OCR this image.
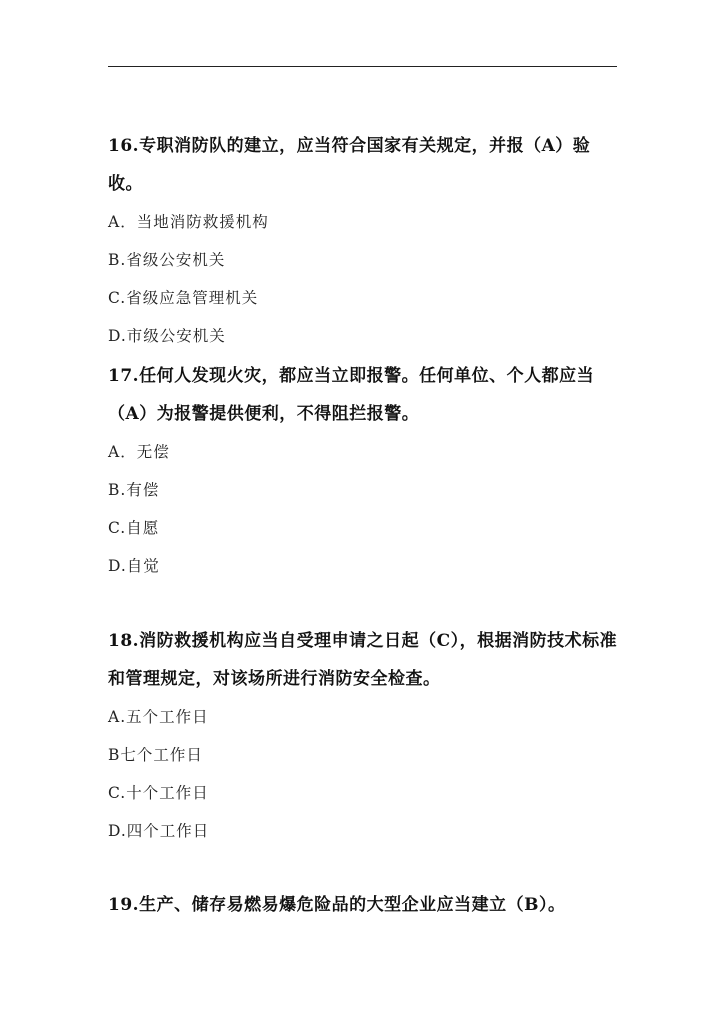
16.专职消防队的建立，应当符合国家有关规定，并报（A）验收。

A．当地消防救援机构

B.省级公安机关

C.省级应急管理机关

D.市级公安机关

17.任何人发现火灾，都应当立即报警。任何单位、个人都应当（A）为报警提供便利，不得阻拦报警。

A．无偿

B.有偿

C.自愿

D.自觉

18.消防救援机构应当自受理申请之日起（C），根据消防技术标准和管理规定，对该场所进行消防安全检查。

A.五个工作日

B七个工作日

C.十个工作日

D.四个工作日

19.生产、储存易燃易爆危险品的大型企业应当建立（B）。
